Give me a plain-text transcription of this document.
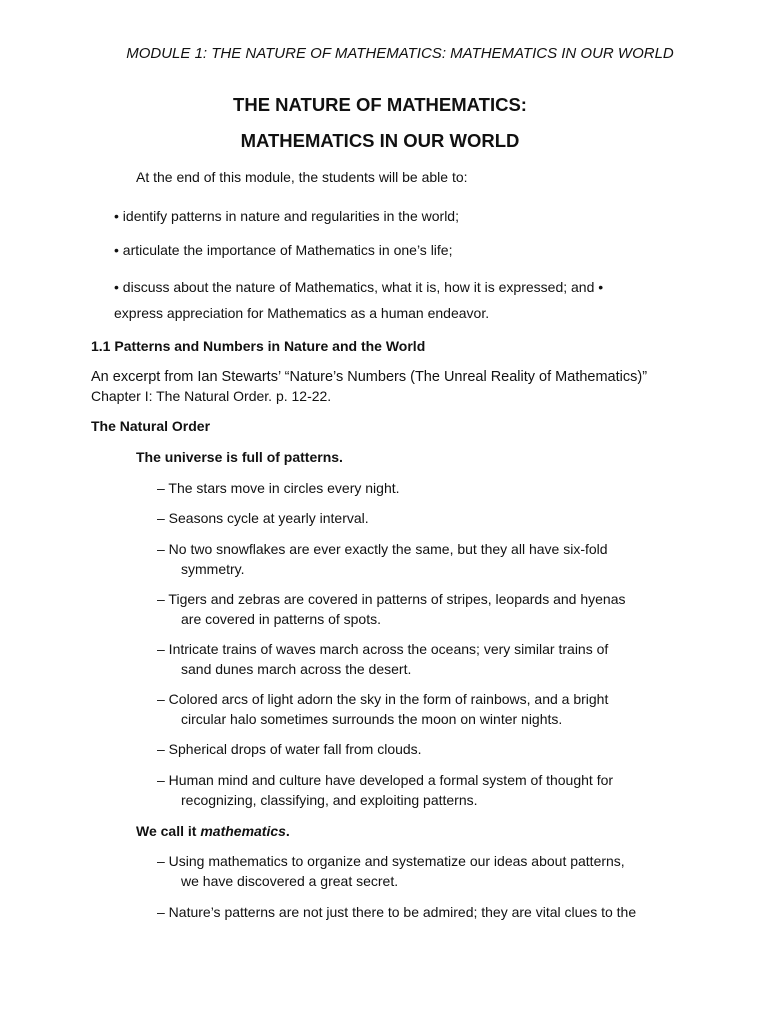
MODULE 1: THE NATURE OF MATHEMATICS: MATHEMATICS IN OUR WORLD
THE NATURE OF MATHEMATICS:
MATHEMATICS IN OUR WORLD
At the end of this module, the students will be able to:
• identify patterns in nature and regularities in the world;
• articulate the importance of Mathematics in one’s life;
• discuss about the nature of Mathematics, what it is, how it is expressed; and •
express appreciation for Mathematics as a human endeavor.
1.1 Patterns and Numbers in Nature and the World
An excerpt from Ian Stewarts’ “Nature’s Numbers (The Unreal Reality of Mathematics)”
Chapter I: The Natural Order. p. 12-22.
The Natural Order
The universe is full of patterns.
– The stars move in circles every night.
– Seasons cycle at yearly interval.
– No two snowflakes are ever exactly the same, but they all have six-fold
symmetry.
– Tigers and zebras are covered in patterns of stripes, leopards and hyenas
are covered in patterns of spots.
– Intricate trains of waves march across the oceans; very similar trains of
sand dunes march across the desert.
– Colored arcs of light adorn the sky in the form of rainbows, and a bright
circular halo sometimes surrounds the moon on winter nights.
– Spherical drops of water fall from clouds.
– Human mind and culture have developed a formal system of thought for
recognizing, classifying, and exploiting patterns.
We call it mathematics.
– Using mathematics to organize and systematize our ideas about patterns,
we have discovered a great secret.
– Nature’s patterns are not just there to be admired; they are vital clues to the
